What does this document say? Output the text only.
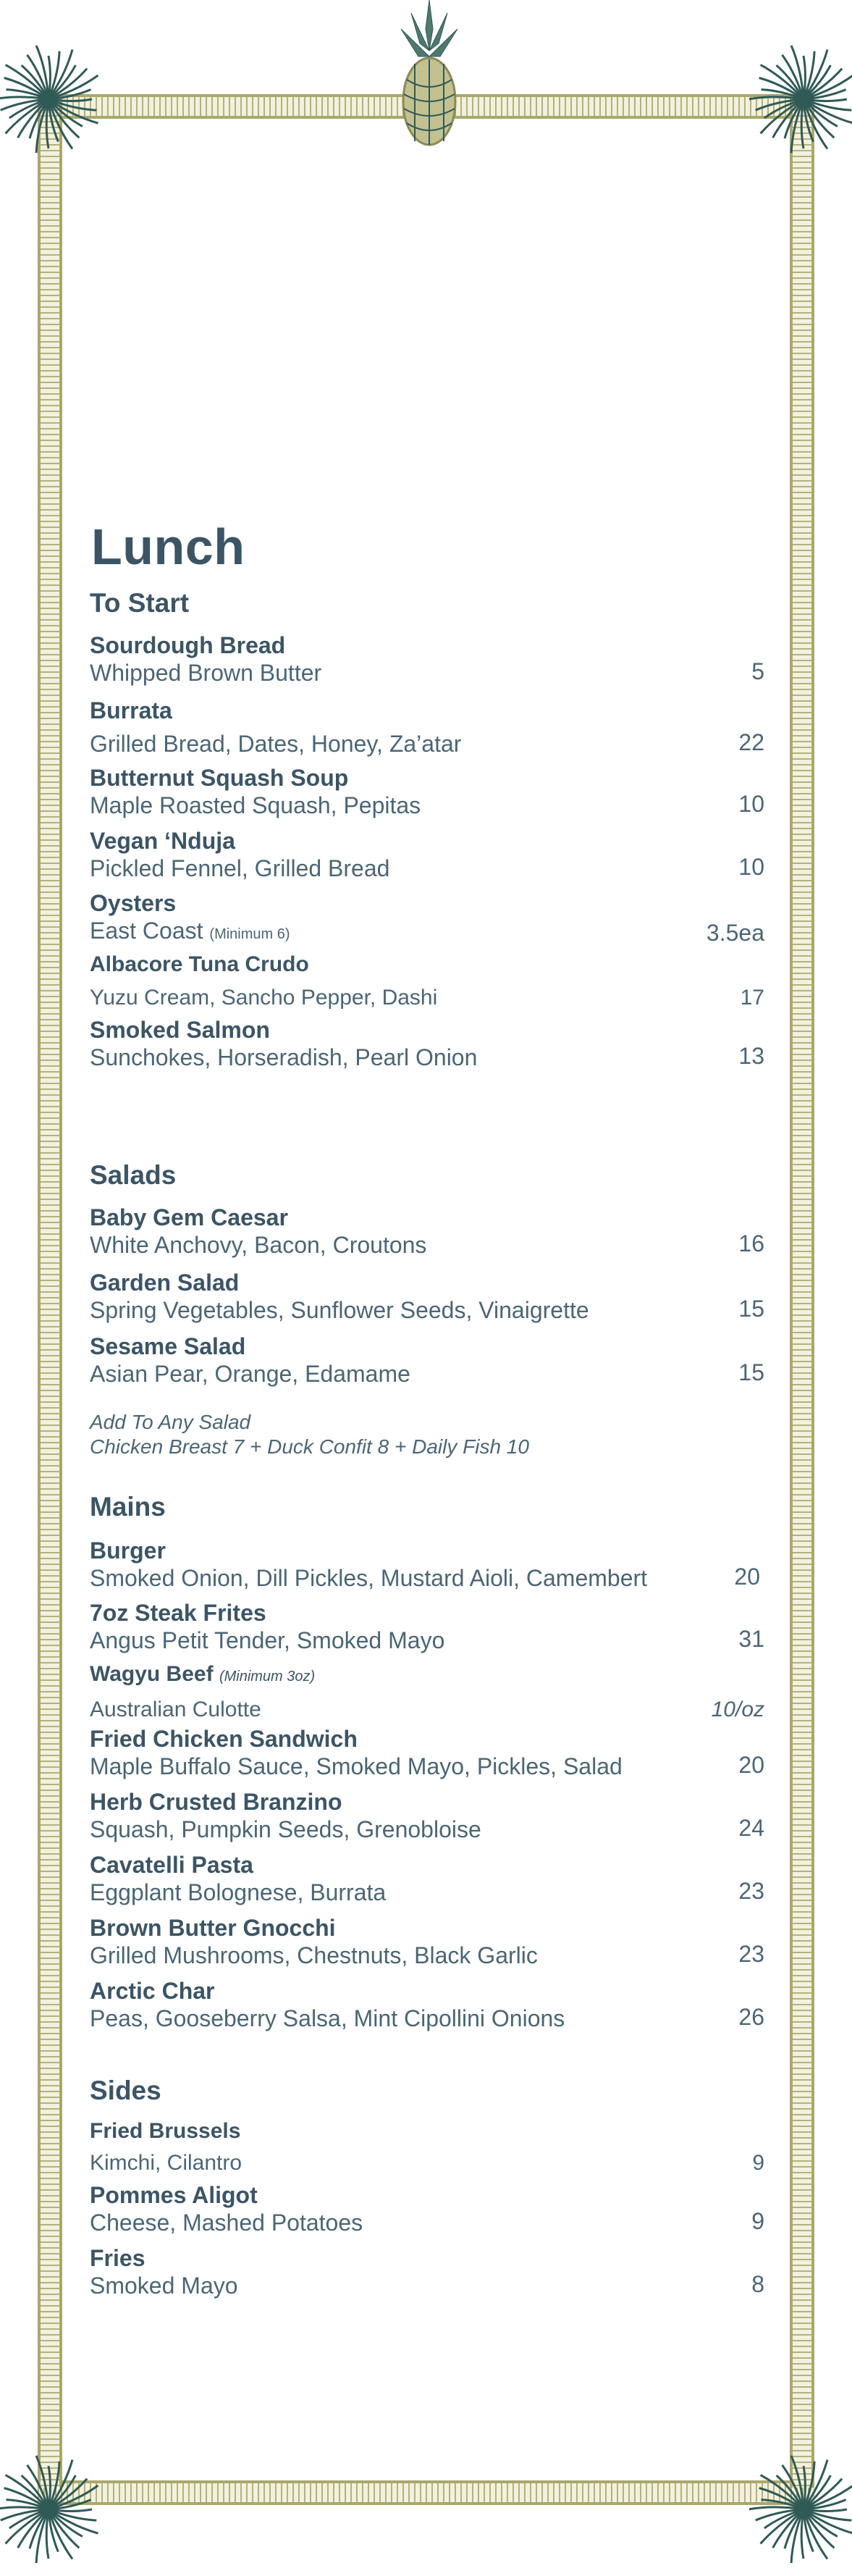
Lunch
To Start
Sourdough Bread
Whipped Brown Butter	5
Burrata
Grilled Bread, Dates, Honey, Za’atar	22
Butternut Squash Soup
Maple Roasted Squash, Pepitas	10
Vegan ‘Nduja
Pickled Fennel, Grilled Bread	10
Oysters
East Coast (Minimum 6)	3.5ea
Albacore Tuna Crudo
Yuzu Cream, Sancho Pepper, Dashi	17
Smoked Salmon
Sunchokes, Horseradish, Pearl Onion	13
Salads
Baby Gem Caesar
White Anchovy, Bacon, Croutons	16
Garden Salad
Spring Vegetables, Sunflower Seeds, Vinaigrette	15
Sesame Salad
Asian Pear, Orange, Edamame	15
Add To Any Salad
Chicken Breast 7 + Duck Confit 8 + Daily Fish 10
Mains
Burger
Smoked Onion, Dill Pickles, Mustard Aioli, Camembert	20
7oz Steak Frites
Angus Petit Tender, Smoked Mayo	31
Wagyu Beef (Minimum 3oz)
Australian Culotte	10/oz
Fried Chicken Sandwich
Maple Buffalo Sauce, Smoked Mayo, Pickles, Salad	20
Herb Crusted Branzino
Squash, Pumpkin Seeds, Grenobloise	24
Cavatelli Pasta
Eggplant Bolognese, Burrata	23
Brown Butter Gnocchi
Grilled Mushrooms, Chestnuts, Black Garlic	23
Arctic Char
Peas, Gooseberry Salsa, Mint Cipollini Onions	26
Sides
Fried Brussels
Kimchi, Cilantro	9
Pommes Aligot
Cheese, Mashed Potatoes	9
Fries
Smoked Mayo	8
